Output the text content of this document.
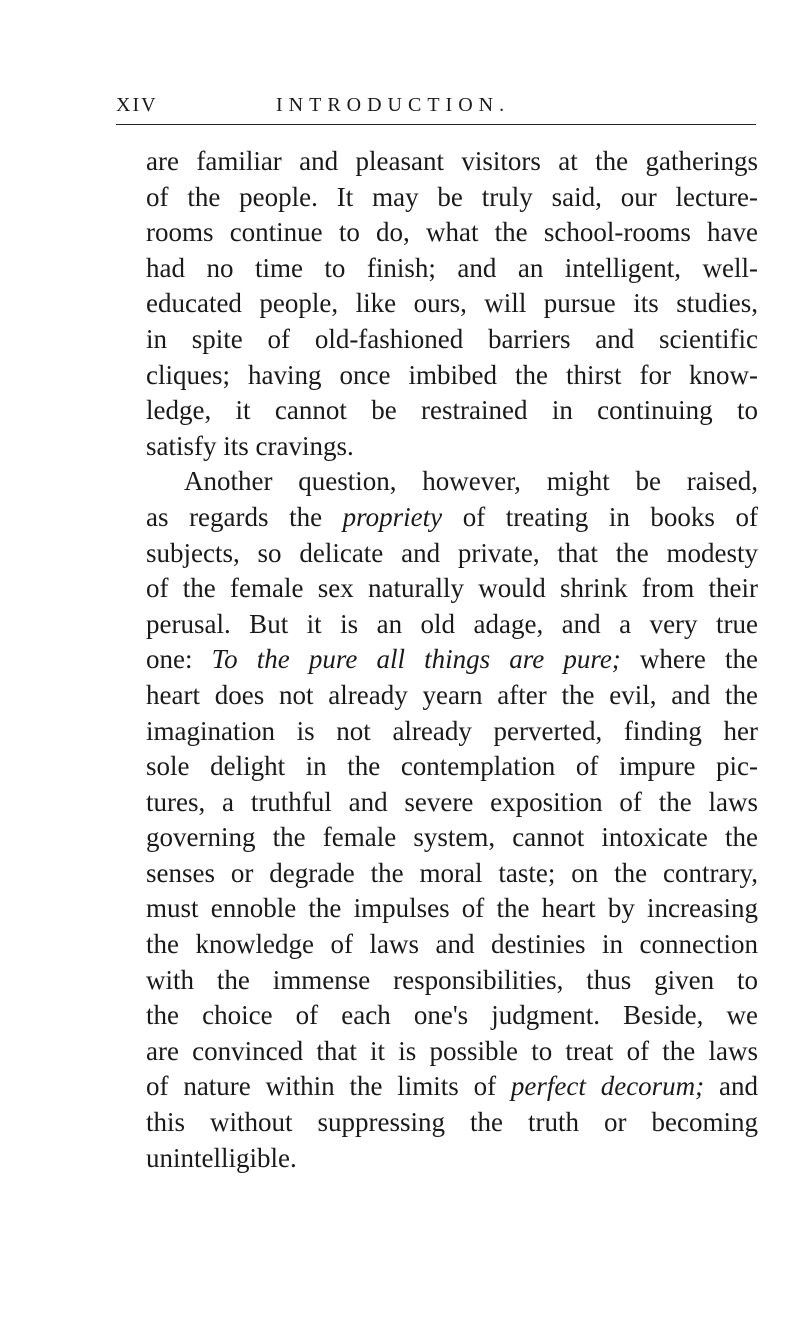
XIV	INTRODUCTION.

are familiar and pleasant visitors at the gatherings
of the people. It may be truly said, our lecture-
rooms continue to do, what the school-rooms have
had no time to finish; and an intelligent, well-
educated people, like ours, will pursue its studies,
in spite of old-fashioned barriers and scientific
cliques; having once imbibed the thirst for know-
ledge, it cannot be restrained in continuing to
satisfy its cravings.

Another question, however, might be raised,
as regards the propriety of treating in books of
subjects, so delicate and private, that the modesty
of the female sex naturally would shrink from their
perusal. But it is an old adage, and a very true
one: To the pure all things are pure; where the
heart does not already yearn after the evil, and the
imagination is not already perverted, finding her
sole delight in the contemplation of impure pic-
tures, a truthful and severe exposition of the laws
governing the female system, cannot intoxicate the
senses or degrade the moral taste; on the contrary,
must ennoble the impulses of the heart by increasing
the knowledge of laws and destinies in connection
with the immense responsibilities, thus given to
the choice of each one's judgment. Beside, we
are convinced that it is possible to treat of the laws
of nature within the limits of perfect decorum; and
this without suppressing the truth or becoming
unintelligible.
